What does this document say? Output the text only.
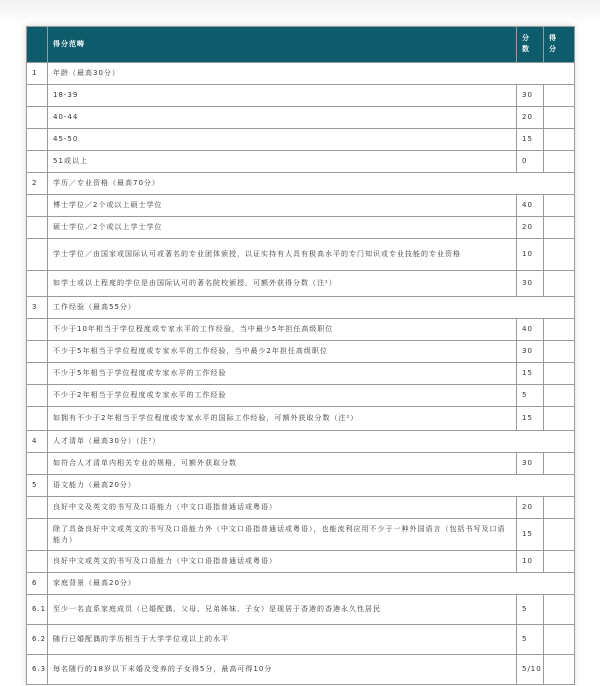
	得分范畴	分数	得分
1	年龄（最高30分）		
	18-39	30	
	40-44	20	
	45-50	15	
	51或以上	0	
2	学历／专业资格（最高70分）		
	博士学位／2个或以上硕士学位	40	
	硕士学位／2个或以上学士学位	20	
	学士学位／由国家或国际认可或著名的专业团体颁授，以证实持有人具有极高水平的专门知识或专业技能的专业资格	10	
	如学士或以上程度的学位是由国际认可的著名院校颁授，可额外获得分数（注¹）	30	
3	工作经验（最高55分）		
	不少于10年相当于学位程度或专家水平的工作经验，当中最少5年担任高级职位	40	
	不少于5年相当于学位程度或专家水平的工作经验，当中最少2年担任高级职位	30	
	不少于5年相当于学位程度或专家水平的工作经验	15	
	不少于2年相当于学位程度或专家水平的工作经验	5	
	如拥有不少于2年相当于学位程度或专家水平的国际工作经验，可额外获取分数（注²）	15	
4	人才清单（最高30分）（注³）		
	如符合人才清单内相关专业的规格，可额外获取分数	30	
5	语文能力（最高20分）		
	良好中文及英文的书写及口语能力（中文口语指普通话或粤语）	20	
	除了具备良好中文或英文的书写及口语能力外（中文口语指普通话或粤语），也能流利应用不少于一种外国语言（包括书写及口语能力）	15	
	良好中文或英文的书写及口语能力（中文口语指普通话或粤语）	10	
6	家庭背景（最高20分）		
6.1	至少一名直系家庭成员（已婚配偶、父母、兄弟姊妹、子女）是现居于香港的香港永久性居民	5	
6.2	随行已婚配偶的学历相当于大学学位或以上的水平	5	
6.3	每名随行的18岁以下未婚及受养的子女得5分，最高可得10分	5/10	
